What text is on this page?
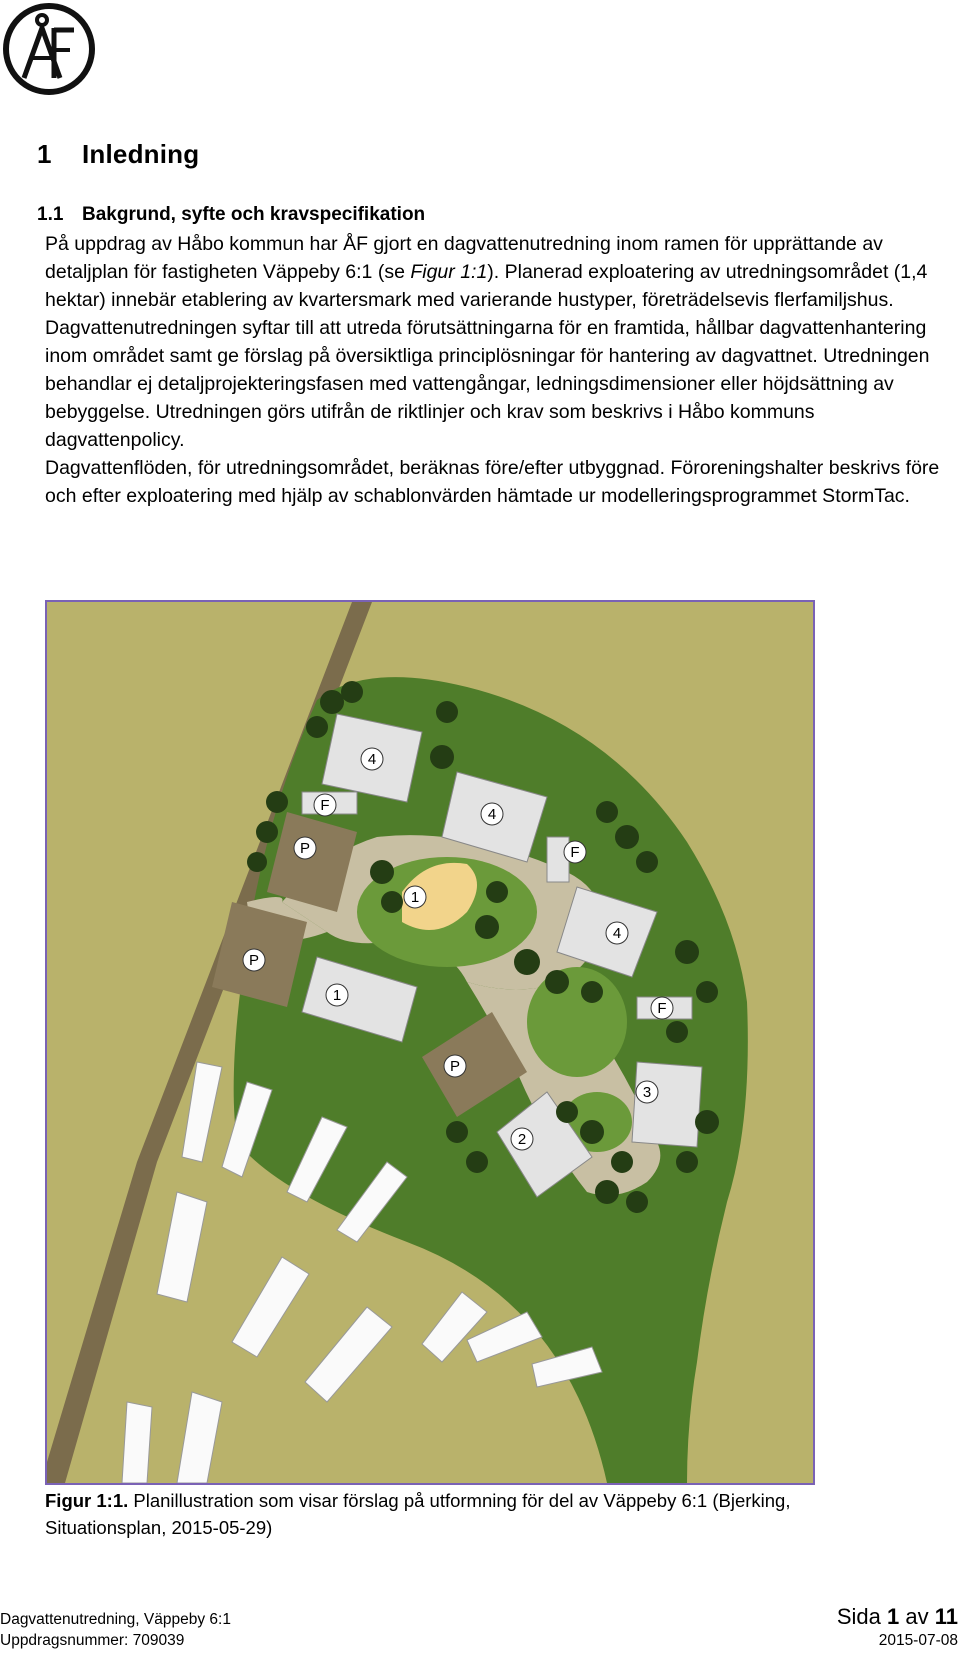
1 Inledning
1.1 Bakgrund, syfte och kravspecifikation

På uppdrag av Håbo kommun har ÅF gjort en dagvattenutredning inom ramen för upprättande av detaljplan för fastigheten Väppeby 6:1 (se Figur 1:1). Planerad exploatering av utredningsområdet (1,4 hektar) innebär etablering av kvartersmark med varierande hustyper, företrädelsevis flerfamiljshus.

Dagvattenutredningen syftar till att utreda förutsättningarna för en framtida, hållbar dagvattenhantering inom området samt ge förslag på översiktliga principlösningar för hantering av dagvattnet. Utredningen behandlar ej detaljprojekteringsfasen med vattengångar, ledningsdimensioner eller höjdsättning av bebyggelse. Utredningen görs utifrån de riktlinjer och krav som beskrivs i Håbo kommuns dagvattenpolicy.

Dagvattenflöden, för utredningsområdet, beräknas före/efter utbyggnad. Föroreningshalter beskrivs före och efter exploatering med hjälp av schablonvärden hämtade ur modelleringsprogrammet StormTac.

4
4
4
1
3
2
1
P
P
P
F
F
F
Figur 1:1. Planillustration som visar förslag på utformning för del av Väppeby 6:1 (Bjerking, Situationsplan, 2015-05-29)
Dagvattenutredning, Väppeby 6:1
Uppdragsnummer: 709039
Sida 1 av 11
2015-07-08
